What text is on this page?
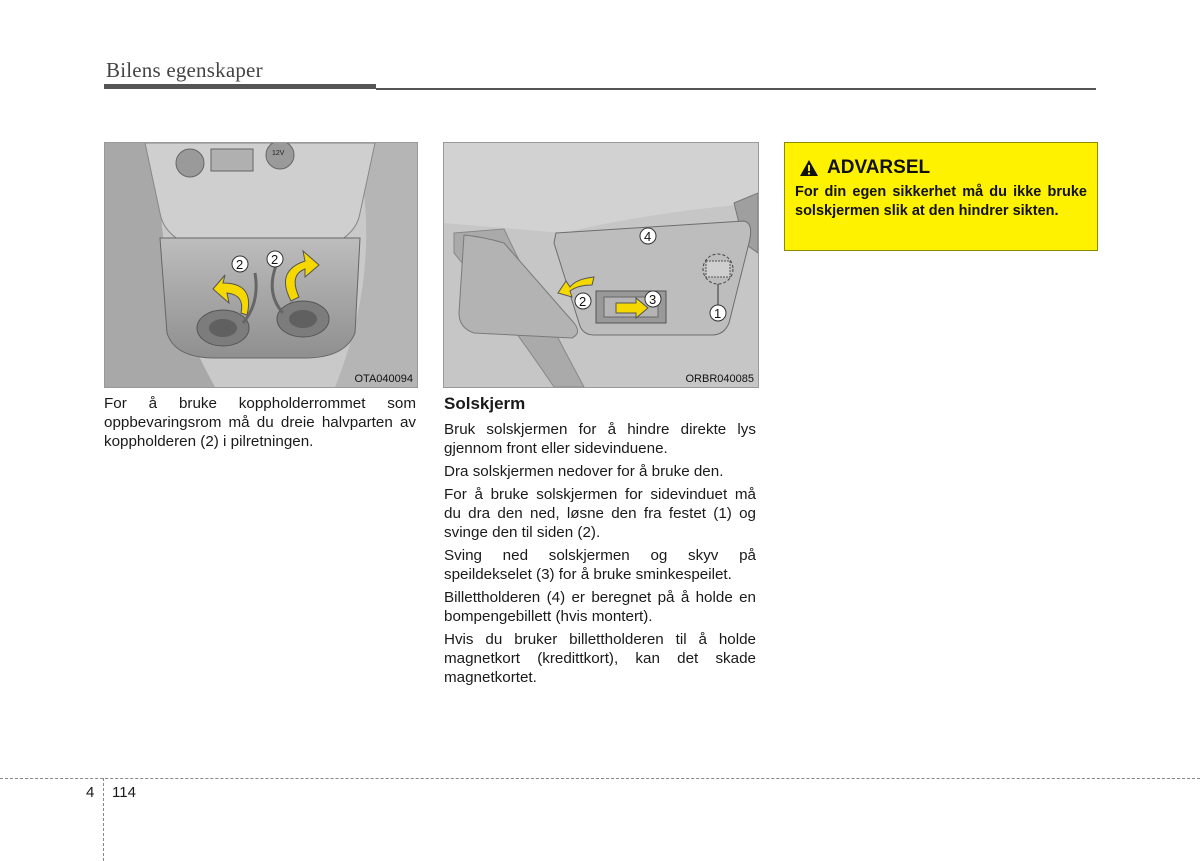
Bilens egenskaper
12V
2 2
OTA040094
4
2	3
1
ORBR040085

For å bruke koppholderrommet som oppbevaringsrom må du dreie halvparten av koppholderen (2) i pilretningen.

Solskjerm

Bruk solskjermen for å hindre direkte lys gjennom front eller sidevinduene.

Dra solskjermen nedover for å bruke den.

For å bruke solskjermen for sidevinduet må du dra den ned, løsne den fra festet (1) og svinge den til siden (2).

Sving ned solskjermen og skyv på speildekselet (3) for å bruke sminkespeilet.

Billettholderen (4) er beregnet på å holde en bompengebillett (hvis montert).

Hvis du bruker billettholderen til å holde magnetkort (kredittkort), kan det skade magnetkortet.

ADVARSEL
For din egen sikkerhet må du ikke bruke solskjermen slik at den hindrer sikten.
4 114
